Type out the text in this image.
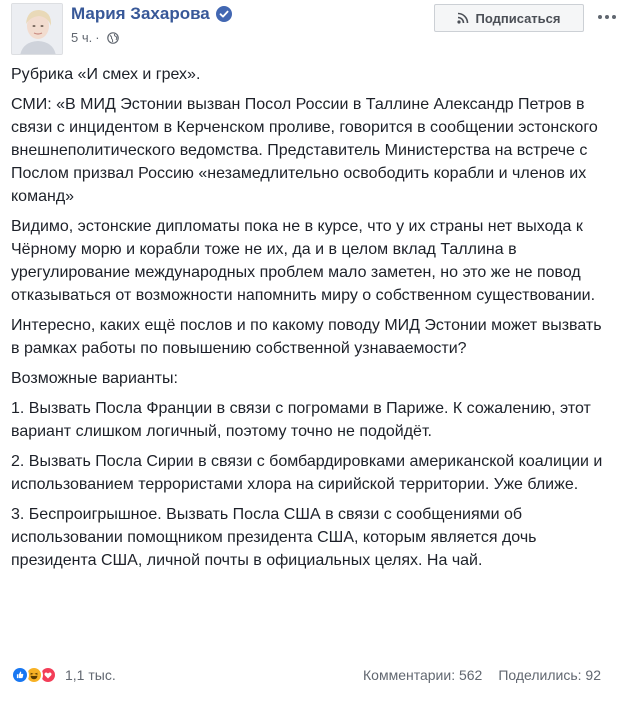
Мария Захарова
5 ч. ·
Подписаться

Рубрика «И смех и грех».

СМИ: «В МИД Эстонии вызван Посол России в Таллине Александр Петров в связи с инцидентом в Керченском проливе, говорится в сообщении эстонского внешнеполитического ведомства. Представитель Министерства на встрече с Послом призвал Россию «незамедлительно освободить корабли и членов их команд»

Видимо, эстонские дипломаты пока не в курсе, что у их страны нет выхода к Чёрному морю и корабли тоже не их, да и в целом вклад Таллина в урегулирование международных проблем мало заметен, но это же не повод отказываться от возможности напомнить миру о собственном существовании.

Интересно, каких ещё послов и по какому поводу МИД Эстонии может вызвать в рамках работы по повышению собственной узнаваемости?

Возможные варианты:

1. Вызвать Посла Франции в связи с погромами в Париже. К сожалению, этот вариант слишком логичный, поэтому точно не подойдёт.

2. Вызвать Посла Сирии в связи с бомбардировками американской коалиции и использованием террористами хлора на сирийской территории. Уже ближе.

3. Беспроигрышное. Вызвать Посла США в связи с сообщениями об использовании помощником президента США, которым является дочь президента США, личной почты в официальных целях. На чай.

1,1 тыс.	Комментарии: 562 Поделились: 92
